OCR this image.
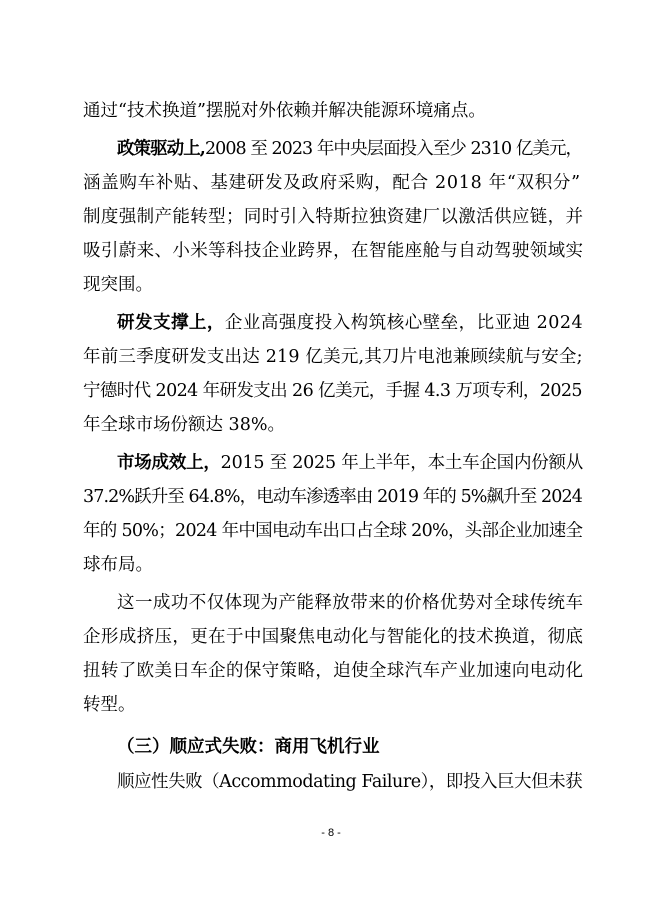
通过“技术换道”摆脱对外依赖并解决能源环境痛点。
政策驱动上,2008 至 2023 年中央层面投入至少 2310 亿美元，
涵盖购车补贴、基建研发及政府采购，配合 2018 年“双积分”
制度强制产能转型；同时引入特斯拉独资建厂以激活供应链，并
吸引蔚来、小米等科技企业跨界，在智能座舱与自动驾驶领域实
现突围。
研发支撑上，企业高强度投入构筑核心壁垒，比亚迪 2024
年前三季度研发支出达 219 亿美元,其刀片电池兼顾续航与安全;
宁德时代 2024 年研发支出 26 亿美元，手握 4.3 万项专利，2025
年全球市场份额达 38%。
市场成效上，2015 至 2025 年上半年，本土车企国内份额从
37.2%跃升至 64.8%，电动车渗透率由 2019 年的 5%飙升至 2024
年的 50%；2024 年中国电动车出口占全球 20%，头部企业加速全
球布局。
这一成功不仅体现为产能释放带来的价格优势对全球传统车
企形成挤压，更在于中国聚焦电动化与智能化的技术换道，彻底
扭转了欧美日车企的保守策略，迫使全球汽车产业加速向电动化
转型。
（三）顺应式失败：商用飞机行业
顺应性失败（Accommodating Failure），即投入巨大但未获
- 8 -
